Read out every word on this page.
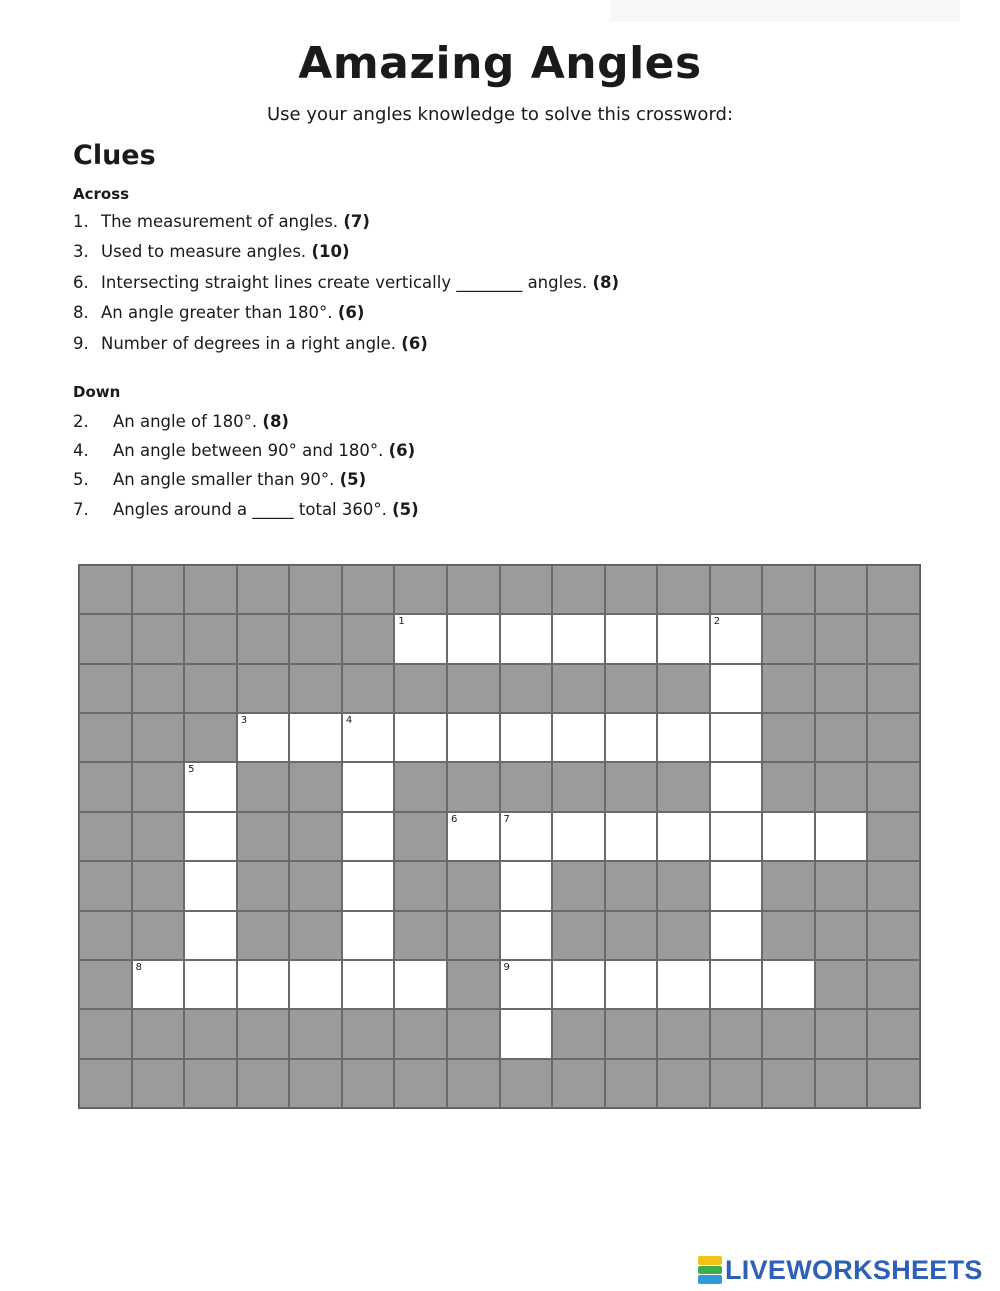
Amazing Angles
Use your angles knowledge to solve this crossword:
Clues
Across
1. The measurement of angles. (7)
3. Used to measure angles. (10)
6. Intersecting straight lines create vertically ________ angles. (8)
8. An angle greater than 180°. (6)
9. Number of degrees in a right angle. (6)
Down
2. An angle of 180°. (8)
4. An angle between 90° and 180°. (6)
5. An angle smaller than 90°. (5)
7. Angles around a _____ total 360°. (5)
1	2
3	4
5
6	7
8	9
LIVEWORKSHEETS
